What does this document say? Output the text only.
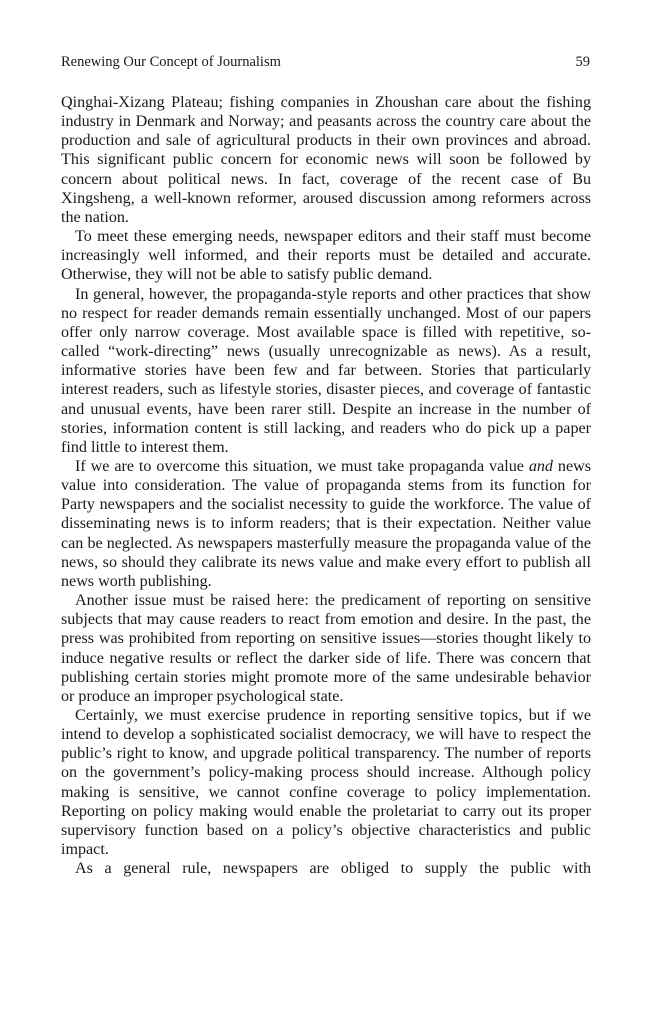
Renewing Our Concept of Journalism	59

Qinghai-Xizang Plateau; fishing companies in Zhoushan care about the fishing industry in Denmark and Norway; and peasants across the country care about the production and sale of agricultural products in their own provinces and abroad. This significant public concern for economic news will soon be followed by concern about political news. In fact, coverage of the recent case of Bu Xingsheng, a well-known reformer, aroused discussion among reformers across the nation.

To meet these emerging needs, newspaper editors and their staff must become increasingly well informed, and their reports must be detailed and accurate. Otherwise, they will not be able to satisfy public demand.

In general, however, the propaganda-style reports and other practices that show no respect for reader demands remain essentially unchanged. Most of our papers offer only narrow coverage. Most available space is filled with repetitive, so-called “work-directing” news (usually unrecognizable as news). As a result, informative stories have been few and far between. Stories that particularly interest readers, such as lifestyle stories, disaster pieces, and coverage of fantastic and unusual events, have been rarer still. Despite an increase in the number of stories, information content is still lacking, and readers who do pick up a paper find little to interest them.

If we are to overcome this situation, we must take propaganda value and news value into consideration. The value of propaganda stems from its function for Party newspapers and the socialist necessity to guide the workforce. The value of disseminating news is to inform readers; that is their expectation. Neither value can be neglected. As newspapers masterfully measure the propaganda value of the news, so should they calibrate its news value and make every effort to publish all news worth publishing.

Another issue must be raised here: the predicament of reporting on sensitive subjects that may cause readers to react from emotion and desire. In the past, the press was prohibited from reporting on sensitive issues—stories thought likely to induce negative results or reflect the darker side of life. There was concern that publishing certain stories might promote more of the same undesirable behavior or produce an improper psychological state.

Certainly, we must exercise prudence in reporting sensitive topics, but if we intend to develop a sophisticated socialist democracy, we will have to respect the public’s right to know, and upgrade political transparency. The number of reports on the government’s policy-making process should increase. Although policy making is sensitive, we cannot confine coverage to policy implementation. Reporting on policy making would enable the proletariat to carry out its proper supervisory function based on a policy’s objective characteristics and public impact.

As a general rule, newspapers are obliged to supply the public with
